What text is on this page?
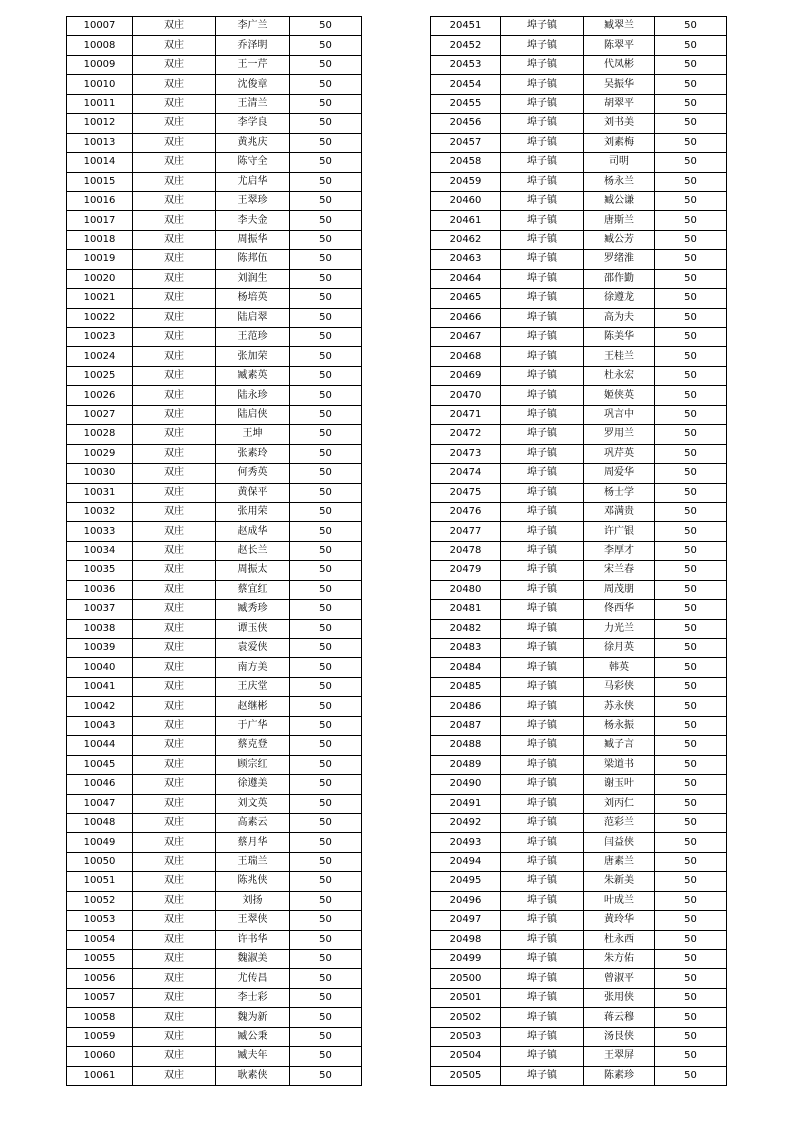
10007	双庄	李广兰	50
10008	双庄	乔泽明	50
10009	双庄	王一芹	50
10010	双庄	沈俊章	50
10011	双庄	王清兰	50
10012	双庄	李学良	50
10013	双庄	黄兆庆	50
10014	双庄	陈守全	50
10015	双庄	尤启华	50
10016	双庄	王翠珍	50
10017	双庄	李夫金	50
10018	双庄	周振华	50
10019	双庄	陈邦伍	50
10020	双庄	刘润生	50
10021	双庄	杨培英	50
10022	双庄	陆启翠	50
10023	双庄	王范珍	50
10024	双庄	张加荣	50
10025	双庄	臧素英	50
10026	双庄	陆永珍	50
10027	双庄	陆启侠	50
10028	双庄	王坤	50
10029	双庄	张素玲	50
10030	双庄	何秀英	50
10031	双庄	黄保平	50
10032	双庄	张用荣	50
10033	双庄	赵成华	50
10034	双庄	赵长兰	50
10035	双庄	周振太	50
10036	双庄	蔡宜红	50
10037	双庄	臧秀珍	50
10038	双庄	谭玉侠	50
10039	双庄	袁爱侠	50
10040	双庄	南方美	50
10041	双庄	王庆堂	50
10042	双庄	赵继彬	50
10043	双庄	于广华	50
10044	双庄	蔡克登	50
10045	双庄	顾宗红	50
10046	双庄	徐遵美	50
10047	双庄	刘文英	50
10048	双庄	高素云	50
10049	双庄	蔡月华	50
10050	双庄	王瑞兰	50
10051	双庄	陈兆侠	50
10052	双庄	刘扬	50
10053	双庄	王翠侠	50
10054	双庄	许书华	50
10055	双庄	魏淑美	50
10056	双庄	尤传昌	50
10057	双庄	李士彩	50
10058	双庄	魏为新	50
10059	双庄	臧公秉	50
10060	双庄	臧夫年	50
10061	双庄	耿素侠	50
20451	埠子镇	臧翠兰	50
20452	埠子镇	陈翠平	50
20453	埠子镇	代凤彬	50
20454	埠子镇	吴振华	50
20455	埠子镇	胡翠平	50
20456	埠子镇	刘书美	50
20457	埠子镇	刘素梅	50
20458	埠子镇	司明	50
20459	埠子镇	杨永兰	50
20460	埠子镇	臧公谦	50
20461	埠子镇	唐斯兰	50
20462	埠子镇	臧公芳	50
20463	埠子镇	罗绪淮	50
20464	埠子镇	邵作勤	50
20465	埠子镇	徐遵龙	50
20466	埠子镇	高为夫	50
20467	埠子镇	陈美华	50
20468	埠子镇	王桂兰	50
20469	埠子镇	杜永宏	50
20470	埠子镇	姬侠英	50
20471	埠子镇	巩言中	50
20472	埠子镇	罗用兰	50
20473	埠子镇	巩芹英	50
20474	埠子镇	周爱华	50
20475	埠子镇	杨士学	50
20476	埠子镇	邓满贵	50
20477	埠子镇	许广银	50
20478	埠子镇	李厚才	50
20479	埠子镇	宋兰春	50
20480	埠子镇	周茂朋	50
20481	埠子镇	佟西华	50
20482	埠子镇	力光兰	50
20483	埠子镇	徐月英	50
20484	埠子镇	韩英	50
20485	埠子镇	马彩侠	50
20486	埠子镇	苏永侠	50
20487	埠子镇	杨永振	50
20488	埠子镇	臧子言	50
20489	埠子镇	梁道书	50
20490	埠子镇	谢玉叶	50
20491	埠子镇	刘丙仁	50
20492	埠子镇	范彩兰	50
20493	埠子镇	闫益侠	50
20494	埠子镇	唐素兰	50
20495	埠子镇	朱新美	50
20496	埠子镇	叶成兰	50
20497	埠子镇	黄玲华	50
20498	埠子镇	杜永西	50
20499	埠子镇	朱方佑	50
20500	埠子镇	曾淑平	50
20501	埠子镇	张用侠	50
20502	埠子镇	蒋云穆	50
20503	埠子镇	汤艮侠	50
20504	埠子镇	王翠屏	50
20505	埠子镇	陈素珍	50
